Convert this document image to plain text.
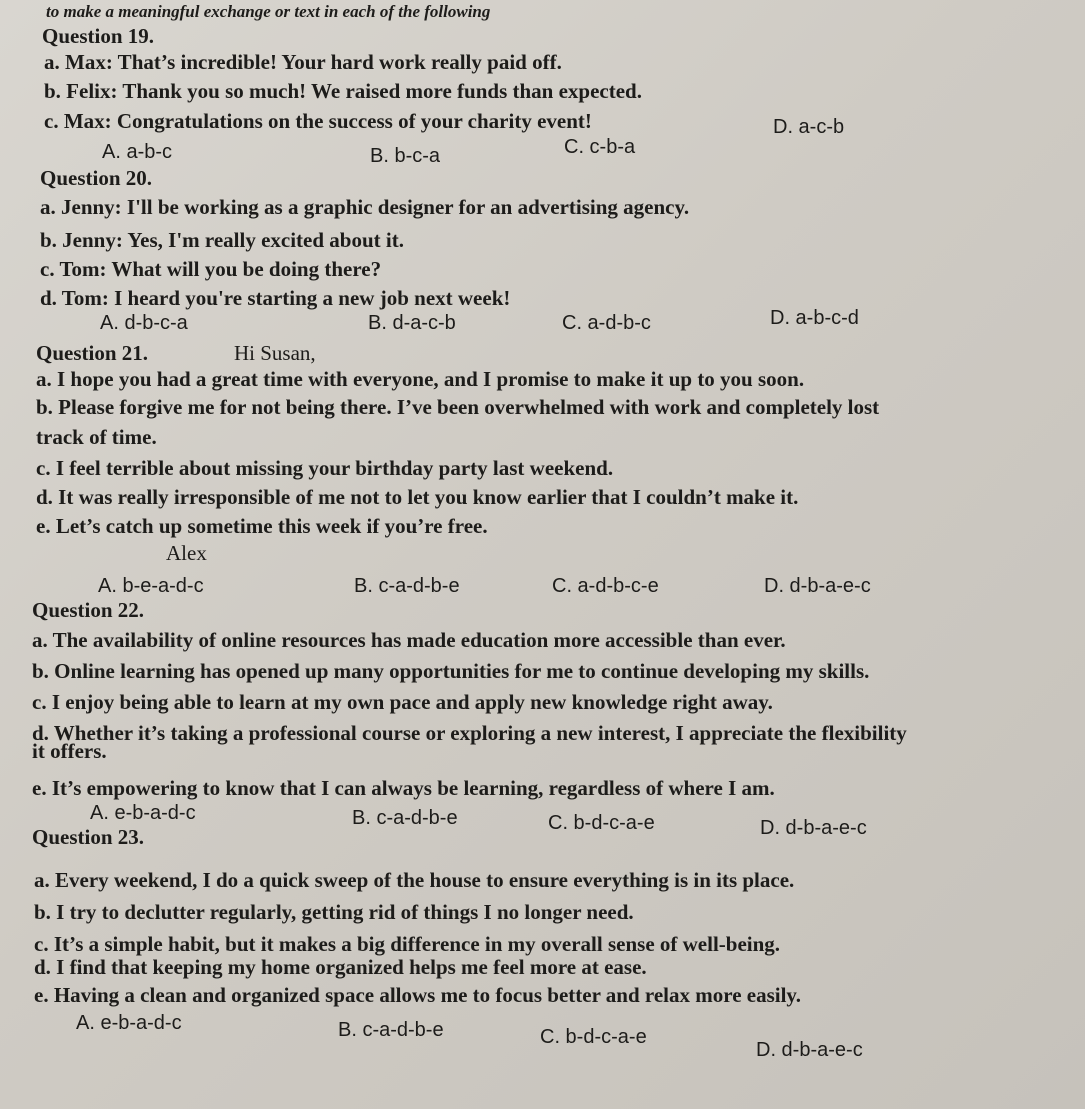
to make a meaningful exchange or text in each of the following
Question 19.
a. Max: That’s incredible! Your hard work really paid off.
b. Felix: Thank you so much! We raised more funds than expected.
c. Max: Congratulations on the success of your charity event!
A. a-b-c	B. b-c-a	C. c-b-a
D. a-c-b
Question 20.
a. Jenny: I'll be working as a graphic designer for an advertising agency.
b. Jenny: Yes, I'm really excited about it.
c. Tom: What will you be doing there?
d. Tom: I heard you're starting a new job next week!
A. d-b-c-a	B. d-a-c-b	C. a-d-b-c	D. a-b-c-d
Question 21.	Hi Susan,
a. I hope you had a great time with everyone, and I promise to make it up to you soon.
b. Please forgive me for not being there. I’ve been overwhelmed with work and completely lost
track of time.
c. I feel terrible about missing your birthday party last weekend.
d. It was really irresponsible of me not to let you know earlier that I couldn’t make it.
e. Let’s catch up sometime this week if you’re free.
Alex
A. b-e-a-d-c	B. c-a-d-b-e	C. a-d-b-c-e	D. d-b-a-e-c
Question 22.
a. The availability of online resources has made education more accessible than ever.
b. Online learning has opened up many opportunities for me to continue developing my skills.
c. I enjoy being able to learn at my own pace and apply new knowledge right away.
d. Whether it’s taking a professional course or exploring a new interest, I appreciate the flexibility
it offers.
e. It’s empowering to know that I can always be learning, regardless of where I am.
A. e-b-a-d-c	B. c-a-d-b-e	C. b-d-c-a-e	D. d-b-a-e-c
Question 23.
a. Every weekend, I do a quick sweep of the house to ensure everything is in its place.
b. I try to declutter regularly, getting rid of things I no longer need.
c. It’s a simple habit, but it makes a big difference in my overall sense of well-being.
d. I find that keeping my home organized helps me feel more at ease.
e. Having a clean and organized space allows me to focus better and relax more easily.
A. e-b-a-d-c	B. c-a-d-b-e	C. b-d-c-a-e
D. d-b-a-e-c
